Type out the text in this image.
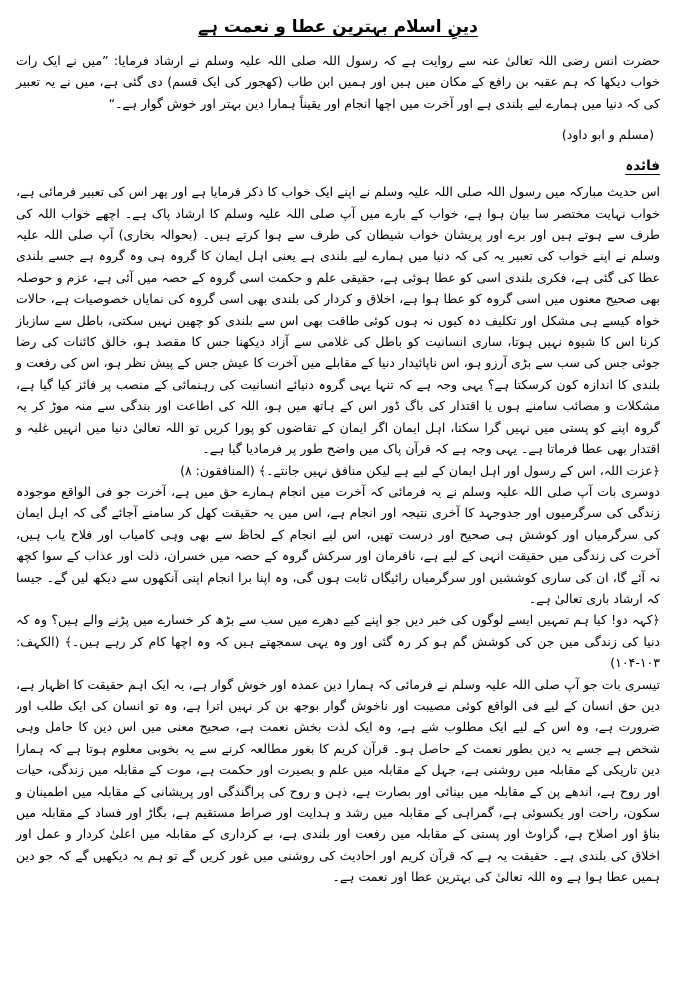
دینِ اسلام بہترین عطا و نعمت ہے

حضرت انس رضی اللہ تعالیٰ عنہ سے روایت ہے کہ رسول اللہ صلی اللہ علیہ وسلم نے ارشاد فرمایا: ”میں نے ایک رات خواب دیکھا کہ ہم عقبہ بن رافع کے مکان میں ہیں اور ہمیں ابن طاب (کھجور کی ایک قسم) دی گئی ہے، میں نے یہ تعبیر کی کہ دنیا میں ہمارے لیے بلندی ہے اور آخرت میں اچھا انجام اور یقیناً ہمارا دین بہتر اور خوش گوار ہے۔“

(مسلم و ابو داود)
فائدہ

اس حدیث مبارکہ میں رسول اللہ صلی اللہ علیہ وسلم نے اپنے ایک خواب کا ذکر فرمایا ہے اور پھر اس کی تعبیر فرمائی ہے، خواب نہایت مختصر سا بیان ہوا ہے، خواب کے بارے میں آپ صلی اللہ علیہ وسلم کا ارشاد پاک ہے۔ اچھے خواب اللہ کی طرف سے ہوتے ہیں اور برے اور پریشان خواب شیطان کی طرف سے ہوا کرتے ہیں۔ (بحوالہ بخاری) آپ صلی اللہ علیہ وسلم نے اپنے خواب کی تعبیر یہ کی کہ دنیا میں ہمارے لیے بلندی ہے یعنی اہل ایمان کا گروہ ہی وہ گروہ ہے جسے بلندی عطا کی گئی ہے، فکری بلندی اسی کو عطا ہوئی ہے، حقیقی علم و حکمت اسی گروہ کے حصہ میں آئی ہے، عزم و حوصلہ بھی صحیح معنوں میں اسی گروہ کو عطا ہوا ہے، اخلاق و کردار کی بلندی بھی اسی گروہ کی نمایاں خصوصیات ہے، حالات خواہ کیسے ہی مشکل اور تکلیف دہ کیوں نہ ہوں کوئی طاقت بھی اس سے بلندی کو چھین نہیں سکتی، باطل سے سازباز کرنا اس کا شیوہ نہیں ہوتا، ساری انسانیت کو باطل کی غلامی سے آزاد دیکھنا جس کا مقصد ہو، خالق کائنات کی رضا جوئی جس کی سب سے بڑی آرزو ہو، اس ناپائیدار دنیا کے مقابلے میں آخرت کا عیش جس کے پیش نظر ہو، اس کی رفعت و بلندی کا اندازہ کون کرسکتا ہے؟ یہی وجہ ہے کہ تنہا یہی گروہ دنیائے انسانیت کی رہنمائی کے منصب پر فائز کیا گیا ہے، مشکلات و مصائب سامنے ہوں یا اقتدار کی باگ ڈور اس کے ہاتھ میں ہو، اللہ کی اطاعت اور بندگی سے منہ موڑ کر یہ گروہ اپنے کو پستی میں نہیں گرا سکتا، اہل ایمان اگر ایمان کے تقاضوں کو پورا کریں تو اللہ تعالیٰ دنیا میں انہیں غلبہ و اقتدار بھی عطا فرماتا ہے۔ یہی وجہ ہے کہ قرآن پاک میں واضح طور پر فرمادیا گیا ہے۔

﴿عزت اللہ، اس کے رسول اور اہل ایمان کے لیے ہے لیکن منافق نہیں جانتے۔﴾ (المنافقون: ۸)

دوسری بات آپ صلی اللہ علیہ وسلم نے یہ فرمائی کہ آخرت میں انجام ہمارے حق میں ہے، آخرت جو فی الواقع موجودہ زندگی کی سرگرمیوں اور جدوجہد کا آخری نتیجہ اور انجام ہے، اس میں یہ حقیقت کھل کر سامنے آجائے گی کہ اہل ایمان کی سرگرمیاں اور کوشش ہی صحیح اور درست تھیں، اس لیے انجام کے لحاظ سے بھی وہی کامیاب اور فلاح یاب ہیں، آخرت کی زندگی میں حقیقت انہی کے لیے ہے، نافرمان اور سرکش گروہ کے حصہ میں خسران، ذلت اور عذاب کے سوا کچھ نہ آئے گا، ان کی ساری کوششیں اور سرگرمیاں رائیگاں ثابت ہوں گی، وہ اپنا برا انجام اپنی آنکھوں سے دیکھ لیں گے۔ جیسا کہ ارشاد باری تعالیٰ ہے۔

﴿کہہ دو! کیا ہم تمہیں ایسے لوگوں کی خبر دیں جو اپنے کیے دھرے میں سب سے بڑھ کر خسارے میں پڑنے والے ہیں؟ وہ کہ دنیا کی زندگی میں جن کی کوشش گم ہو کر رہ گئی اور وہ یہی سمجھتے ہیں کہ وہ اچھا کام کر رہے ہیں۔﴾ (الکہف: ۱۰۳-۱۰۴)

تیسری بات جو آپ صلی اللہ علیہ وسلم نے فرمائی کہ ہمارا دین عمدہ اور خوش گوار ہے، یہ ایک اہم حقیقت کا اظہار ہے، دین حق انسان کے لیے فی الواقع کوئی مصیبت اور ناخوش گوار بوجھ بن کر نہیں اترا ہے، وہ تو انسان کی ایک طلب اور ضرورت ہے، وہ اس کے لیے ایک مطلوب شے ہے، وہ ایک لذت بخش نعمت ہے، صحیح معنی میں اس دین کا حامل وہی شخص ہے جسے یہ دین بطور نعمت کے حاصل ہو۔ قرآن کریم کا بغور مطالعہ کرنے سے یہ بخوبی معلوم ہوتا ہے کہ ہمارا دین تاریکی کے مقابلہ میں روشنی ہے، جہل کے مقابلہ میں علم و بصیرت اور حکمت ہے، موت کے مقابلہ میں زندگی، حیات اور روح ہے، اندھے پن کے مقابلہ میں بینائی اور بصارت ہے، ذہن و روح کی پراگندگی اور پریشانی کے مقابلہ میں اطمینان و سکون، راحت اور یکسوئی ہے، گمراہی کے مقابلہ میں رشد و ہدایت اور صراط مستقیم ہے، بگاڑ اور فساد کے مقابلہ میں بناؤ اور اصلاح ہے، گراوٹ اور پستی کے مقابلہ میں رفعت اور بلندی ہے، بے کرداری کے مقابلہ میں اعلیٰ کردار و عمل اور اخلاق کی بلندی ہے۔ حقیقت یہ ہے کہ قرآن کریم اور احادیث کی روشنی میں غور کریں گے تو ہم یہ دیکھیں گے کہ جو دین ہمیں عطا ہوا ہے وہ اللہ تعالیٰ کی بہترین عطا اور نعمت ہے۔
